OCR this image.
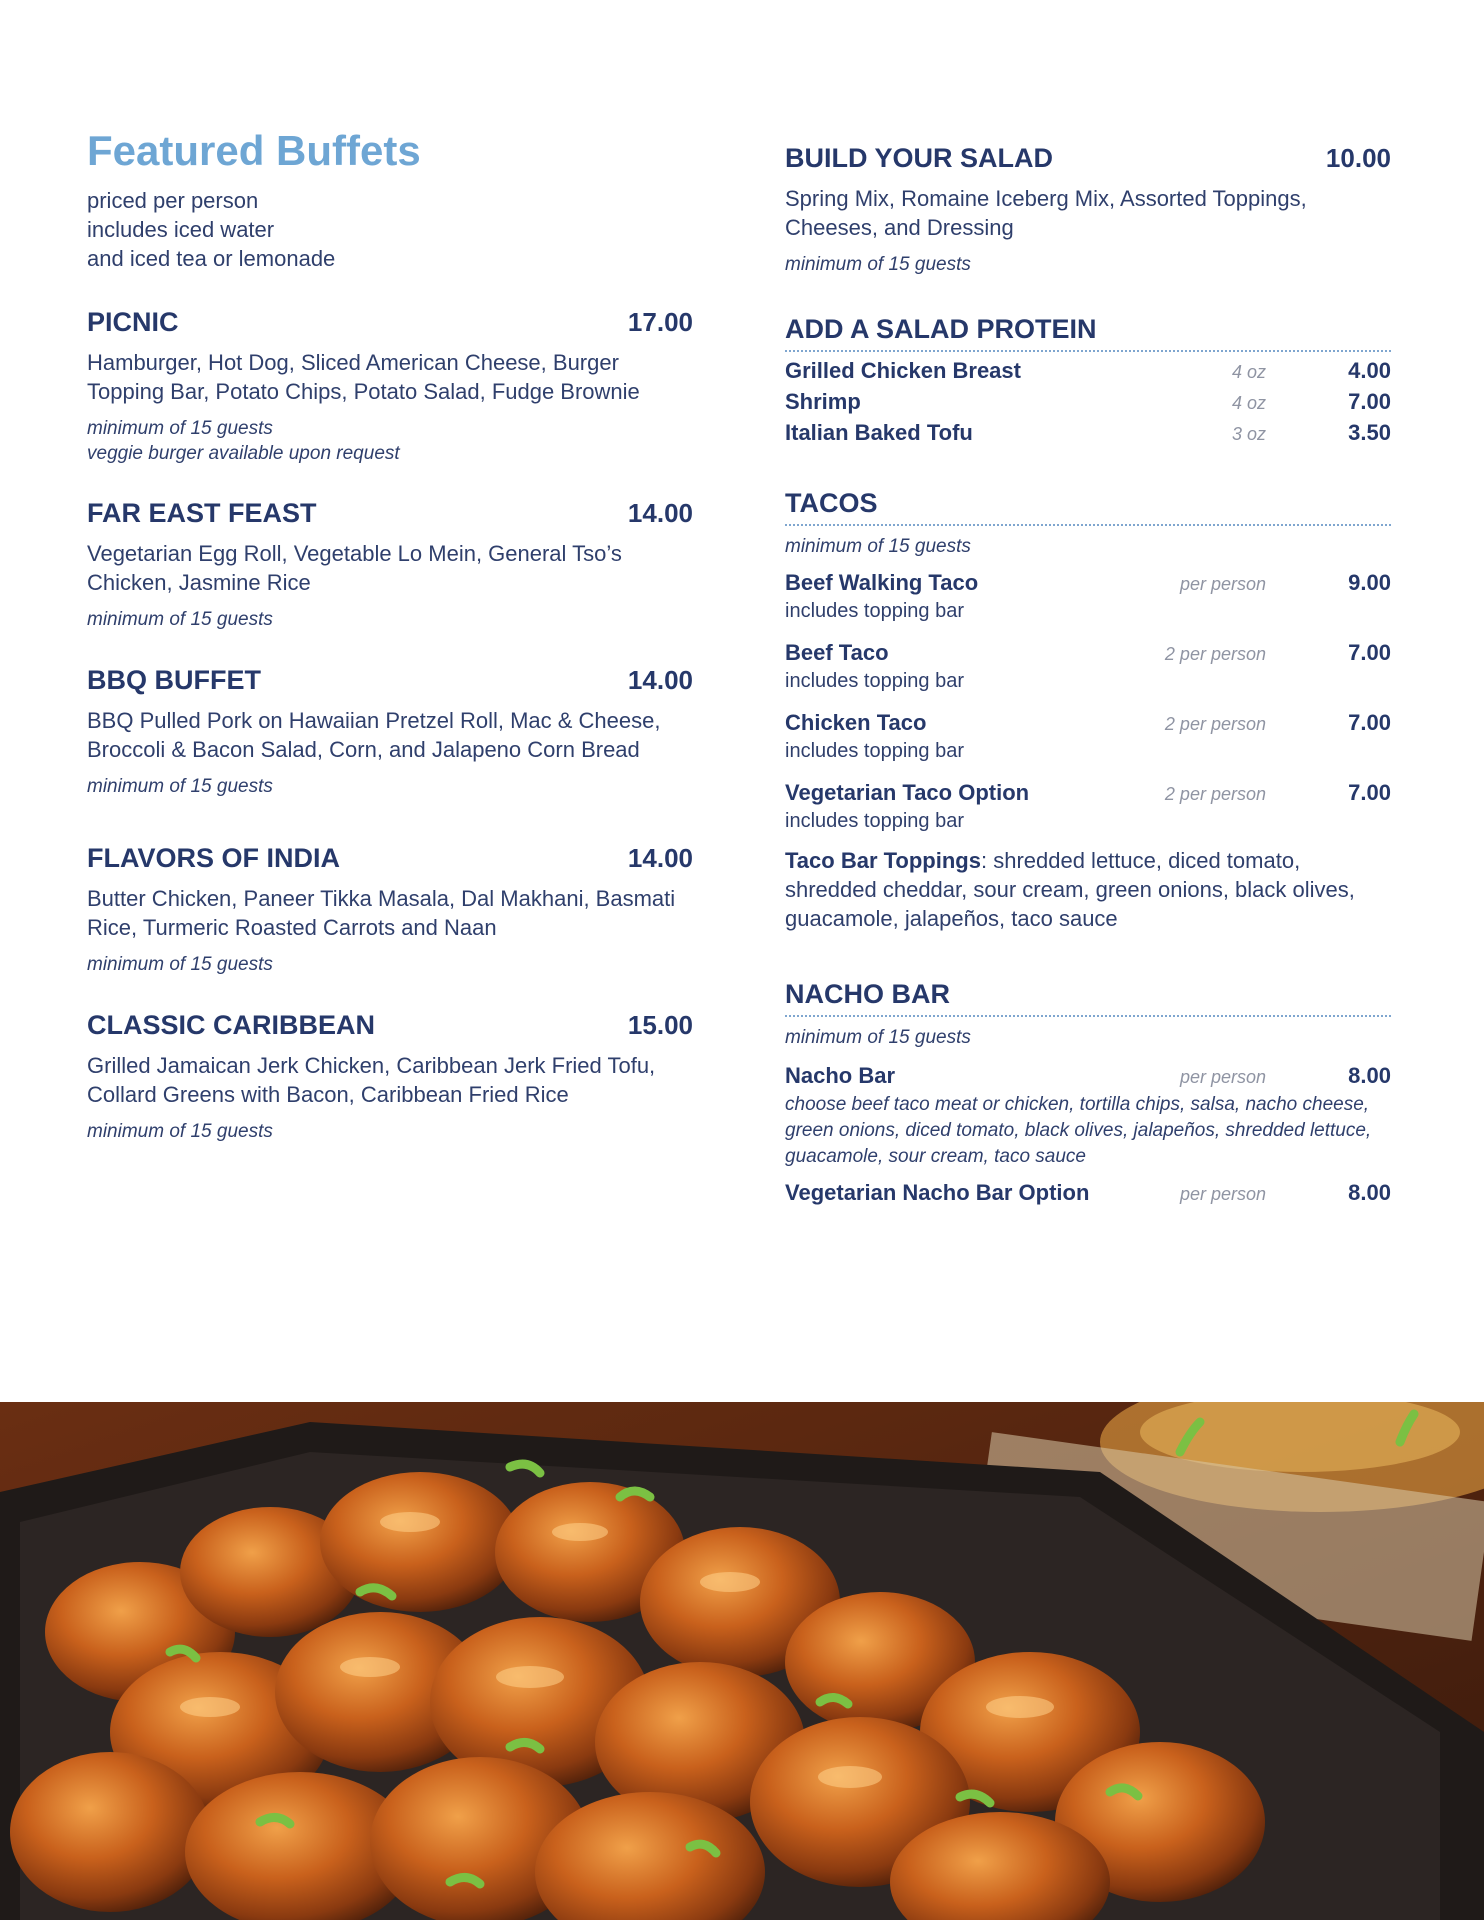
Featured Buffets
priced per person
includes iced water
and iced tea or lemonade
PICNIC	17.00
Hamburger, Hot Dog, Sliced American Cheese, Burger Topping Bar, Potato Chips, Potato Salad, Fudge Brownie
minimum of 15 guests
veggie burger available upon request
FAR EAST FEAST	14.00
Vegetarian Egg Roll, Vegetable Lo Mein, General Tso’s Chicken, Jasmine Rice
minimum of 15 guests
BBQ BUFFET	14.00
BBQ Pulled Pork on Hawaiian Pretzel Roll, Mac & Cheese, Broccoli & Bacon Salad, Corn, and Jalapeno Corn Bread
minimum of 15 guests
FLAVORS OF INDIA	14.00
Butter Chicken, Paneer Tikka Masala, Dal Makhani, Basmati Rice, Turmeric Roasted Carrots and Naan
minimum of 15 guests
CLASSIC CARIBBEAN	15.00
Grilled Jamaican Jerk Chicken, Caribbean Jerk Fried Tofu, Collard Greens with Bacon, Caribbean Fried Rice
minimum of 15 guests
BUILD YOUR SALAD	10.00
Spring Mix, Romaine Iceberg Mix, Assorted Toppings, Cheeses, and Dressing
minimum of 15 guests
ADD A SALAD PROTEIN
Grilled Chicken Breast	4 oz	4.00
Shrimp	4 oz	7.00
Italian Baked Tofu	3 oz	3.50
TACOS
minimum of 15 guests
Beef Walking Taco	per person	9.00
includes topping bar
Beef Taco	2 per person	7.00
includes topping bar
Chicken Taco	2 per person	7.00
includes topping bar
Vegetarian Taco Option	2 per person	7.00
includes topping bar
Taco Bar Toppings: shredded lettuce, diced tomato, shredded cheddar, sour cream, green onions, black olives, guacamole, jalapeños, taco sauce
NACHO BAR
minimum of 15 guests
Nacho Bar	per person	8.00
choose beef taco meat or chicken, tortilla chips, salsa, nacho cheese, green onions, diced tomato, black olives, jalapeños, shredded lettuce, guacamole, sour cream, taco sauce
Vegetarian Nacho Bar Option	per person	8.00
